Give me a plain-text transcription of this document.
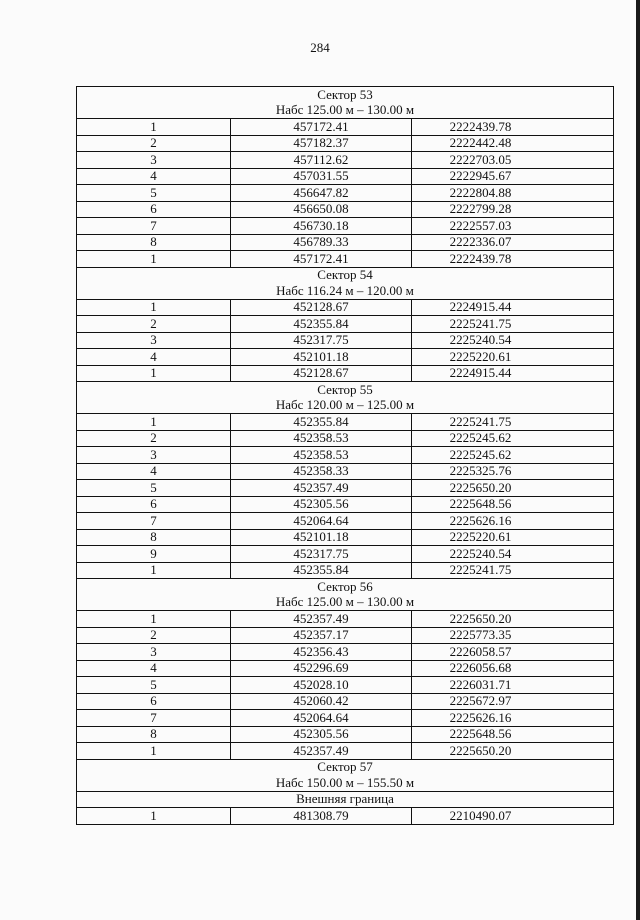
284
Сектор 53		
Набс 125.00 м – 130.00 м		
1	457172.41	2222439.78
2	457182.37	2222442.48
3	457112.62	2222703.05
4	457031.55	2222945.67
5	456647.82	2222804.88
6	456650.08	2222799.28
7	456730.18	2222557.03
8	456789.33	2222336.07
1	457172.41	2222439.78
Сектор 54		
Набс 116.24 м – 120.00 м		
1	452128.67	2224915.44
2	452355.84	2225241.75
3	452317.75	2225240.54
4	452101.18	2225220.61
1	452128.67	2224915.44
Сектор 55		
Набс 120.00 м – 125.00 м		
1	452355.84	2225241.75
2	452358.53	2225245.62
3	452358.53	2225245.62
4	452358.33	2225325.76
5	452357.49	2225650.20
6	452305.56	2225648.56
7	452064.64	2225626.16
8	452101.18	2225220.61
9	452317.75	2225240.54
1	452355.84	2225241.75
Сектор 56		
Набс 125.00 м – 130.00 м		
1	452357.49	2225650.20
2	452357.17	2225773.35
3	452356.43	2226058.57
4	452296.69	2226056.68
5	452028.10	2226031.71
6	452060.42	2225672.97
7	452064.64	2225626.16
8	452305.56	2225648.56
1	452357.49	2225650.20
Сектор 57		
Набс 150.00 м – 155.50 м		
Внешняя граница		
1	481308.79	2210490.07
